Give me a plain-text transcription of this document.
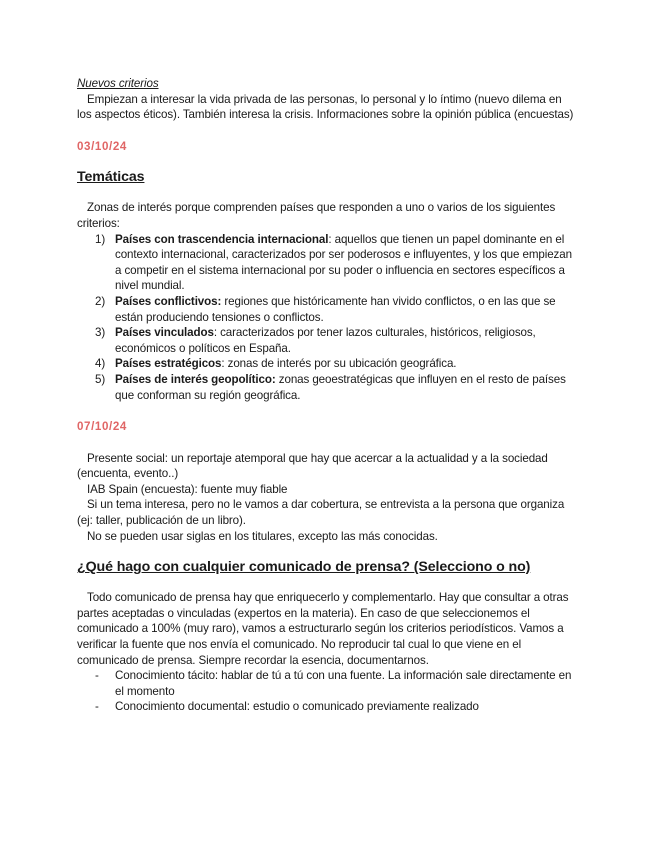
Nuevos criterios

Empiezan a interesar la vida privada de las personas, lo personal y lo íntimo (nuevo dilema en los aspectos éticos). También interesa la crisis. Informaciones sobre la opinión pública (encuestas)

03/10/24

Temáticas

Zonas de interés porque comprenden países que responden a uno o varios de los siguientes criterios:

1) Países con trascendencia internacional: aquellos que tienen un papel dominante en el contexto internacional, caracterizados por ser poderosos e influyentes, y los que empiezan a competir en el sistema internacional por su poder o influencia en sectores específicos a nivel mundial.
2) Países conflictivos: regiones que históricamente han vivido conflictos, o en las que se están produciendo tensiones o conflictos.
3) Países vinculados: caracterizados por tener lazos culturales, históricos, religiosos, económicos o políticos en España.
4) Países estratégicos: zonas de interés por su ubicación geográfica.
5) Países de interés geopolítico: zonas geoestratégicas que influyen en el resto de países que conforman su región geográfica.

07/10/24

Presente social: un reportaje atemporal que hay que acercar a la actualidad y a la sociedad (encuenta, evento..)

IAB Spain (encuesta): fuente muy fiable

Si un tema interesa, pero no le vamos a dar cobertura, se entrevista a la persona que organiza (ej: taller, publicación de un libro).

No se pueden usar siglas en los titulares, excepto las más conocidas.

¿Qué hago con cualquier comunicado de prensa? (Selecciono o no)

Todo comunicado de prensa hay que enriquecerlo y complementarlo. Hay que consultar a otras partes aceptadas o vinculadas (expertos en la materia). En caso de que seleccionemos el comunicado a 100% (muy raro), vamos a estructurarlo según los criterios periodísticos. Vamos a verificar la fuente que nos envía el comunicado. No reproducir tal cual lo que viene en el comunicado de prensa. Siempre recordar la esencia, documentarnos.

- Conocimiento tácito: hablar de tú a tú con una fuente. La información sale directamente en el momento
- Conocimiento documental: estudio o comunicado previamente realizado
